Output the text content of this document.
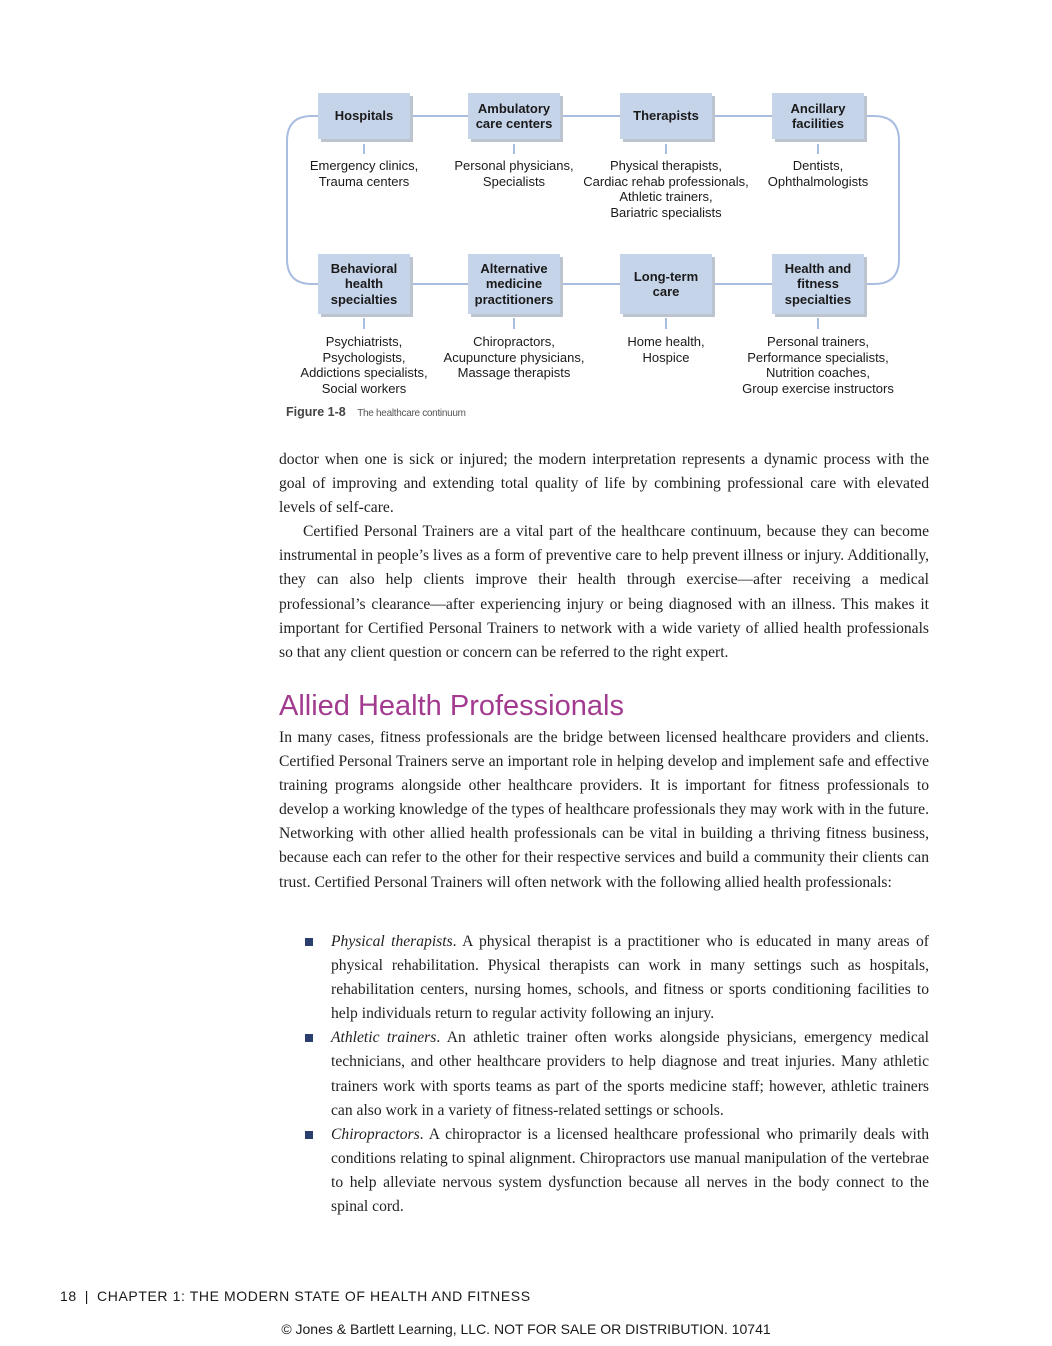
Hospitals
Emergency clinics,
Trauma centers
Ambulatory
care centers
Personal physicians,
Specialists
Therapists
Physical therapists,
Cardiac rehab professionals,
Athletic trainers,
Bariatric specialists
Ancillary
facilities
Dentists,
Ophthalmologists
Behavioral
health
specialties
Psychiatrists,
Psychologists,
Addictions specialists,
Social workers
Alternative
medicine
practitioners
Chiropractors,
Acupuncture physicians,
Massage therapists
Long-term
care
Home health,
Hospice
Health and
fitness
specialties
Personal trainers,
Performance specialists,
Nutrition coaches,
Group exercise instructors
Figure 1-8 The healthcare continuum

doctor when one is sick or injured; the modern interpretation represents a dynamic process with the goal of improving and extending total quality of life by combining professional care with elevated levels of self-care.

Certified Personal Trainers are a vital part of the healthcare continuum, because they can become instrumental in people’s lives as a form of preventive care to help prevent illness or injury. Additionally, they can also help clients improve their health through exercise—after receiving a medical professional’s clearance—after experiencing injury or being diagnosed with an illness. This makes it important for Certified Personal Trainers to network with a wide variety of allied health professionals so that any client question or concern can be referred to the right expert.

Allied Health Professionals

In many cases, fitness professionals are the bridge between licensed healthcare providers and clients. Certified Personal Trainers serve an important role in helping develop and implement safe and effective training programs alongside other healthcare providers. It is important for fitness professionals to develop a working knowledge of the types of healthcare professionals they may work with in the future. Networking with other allied health professionals can be vital in building a thriving fitness business, because each can refer to the other for their respective services and build a community their clients can trust. Certified Personal Trainers will often network with the following allied health professionals:

Physical therapists. A physical therapist is a practitioner who is educated in many areas of physical rehabilitation. Physical therapists can work in many settings such as hospitals, rehabilitation centers, nursing homes, schools, and fitness or sports conditioning facilities to help individuals return to regular activity following an injury.
Athletic trainers. An athletic trainer often works alongside physicians, emergency medical technicians, and other healthcare providers to help diagnose and treat injuries. Many athletic trainers work with sports teams as part of the sports medicine staff; however, athletic trainers can also work in a variety of fitness-related settings or schools.
Chiropractors. A chiropractor is a licensed healthcare professional who primarily deals with conditions relating to spinal alignment. Chiropractors use manual manipulation of the vertebrae to help alleviate nervous system dysfunction because all nerves in the body connect to the spinal cord.
18 | CHAPTER 1: THE MODERN STATE OF HEALTH AND FITNESS
© Jones & Bartlett Learning, LLC. NOT FOR SALE OR DISTRIBUTION. 10741
